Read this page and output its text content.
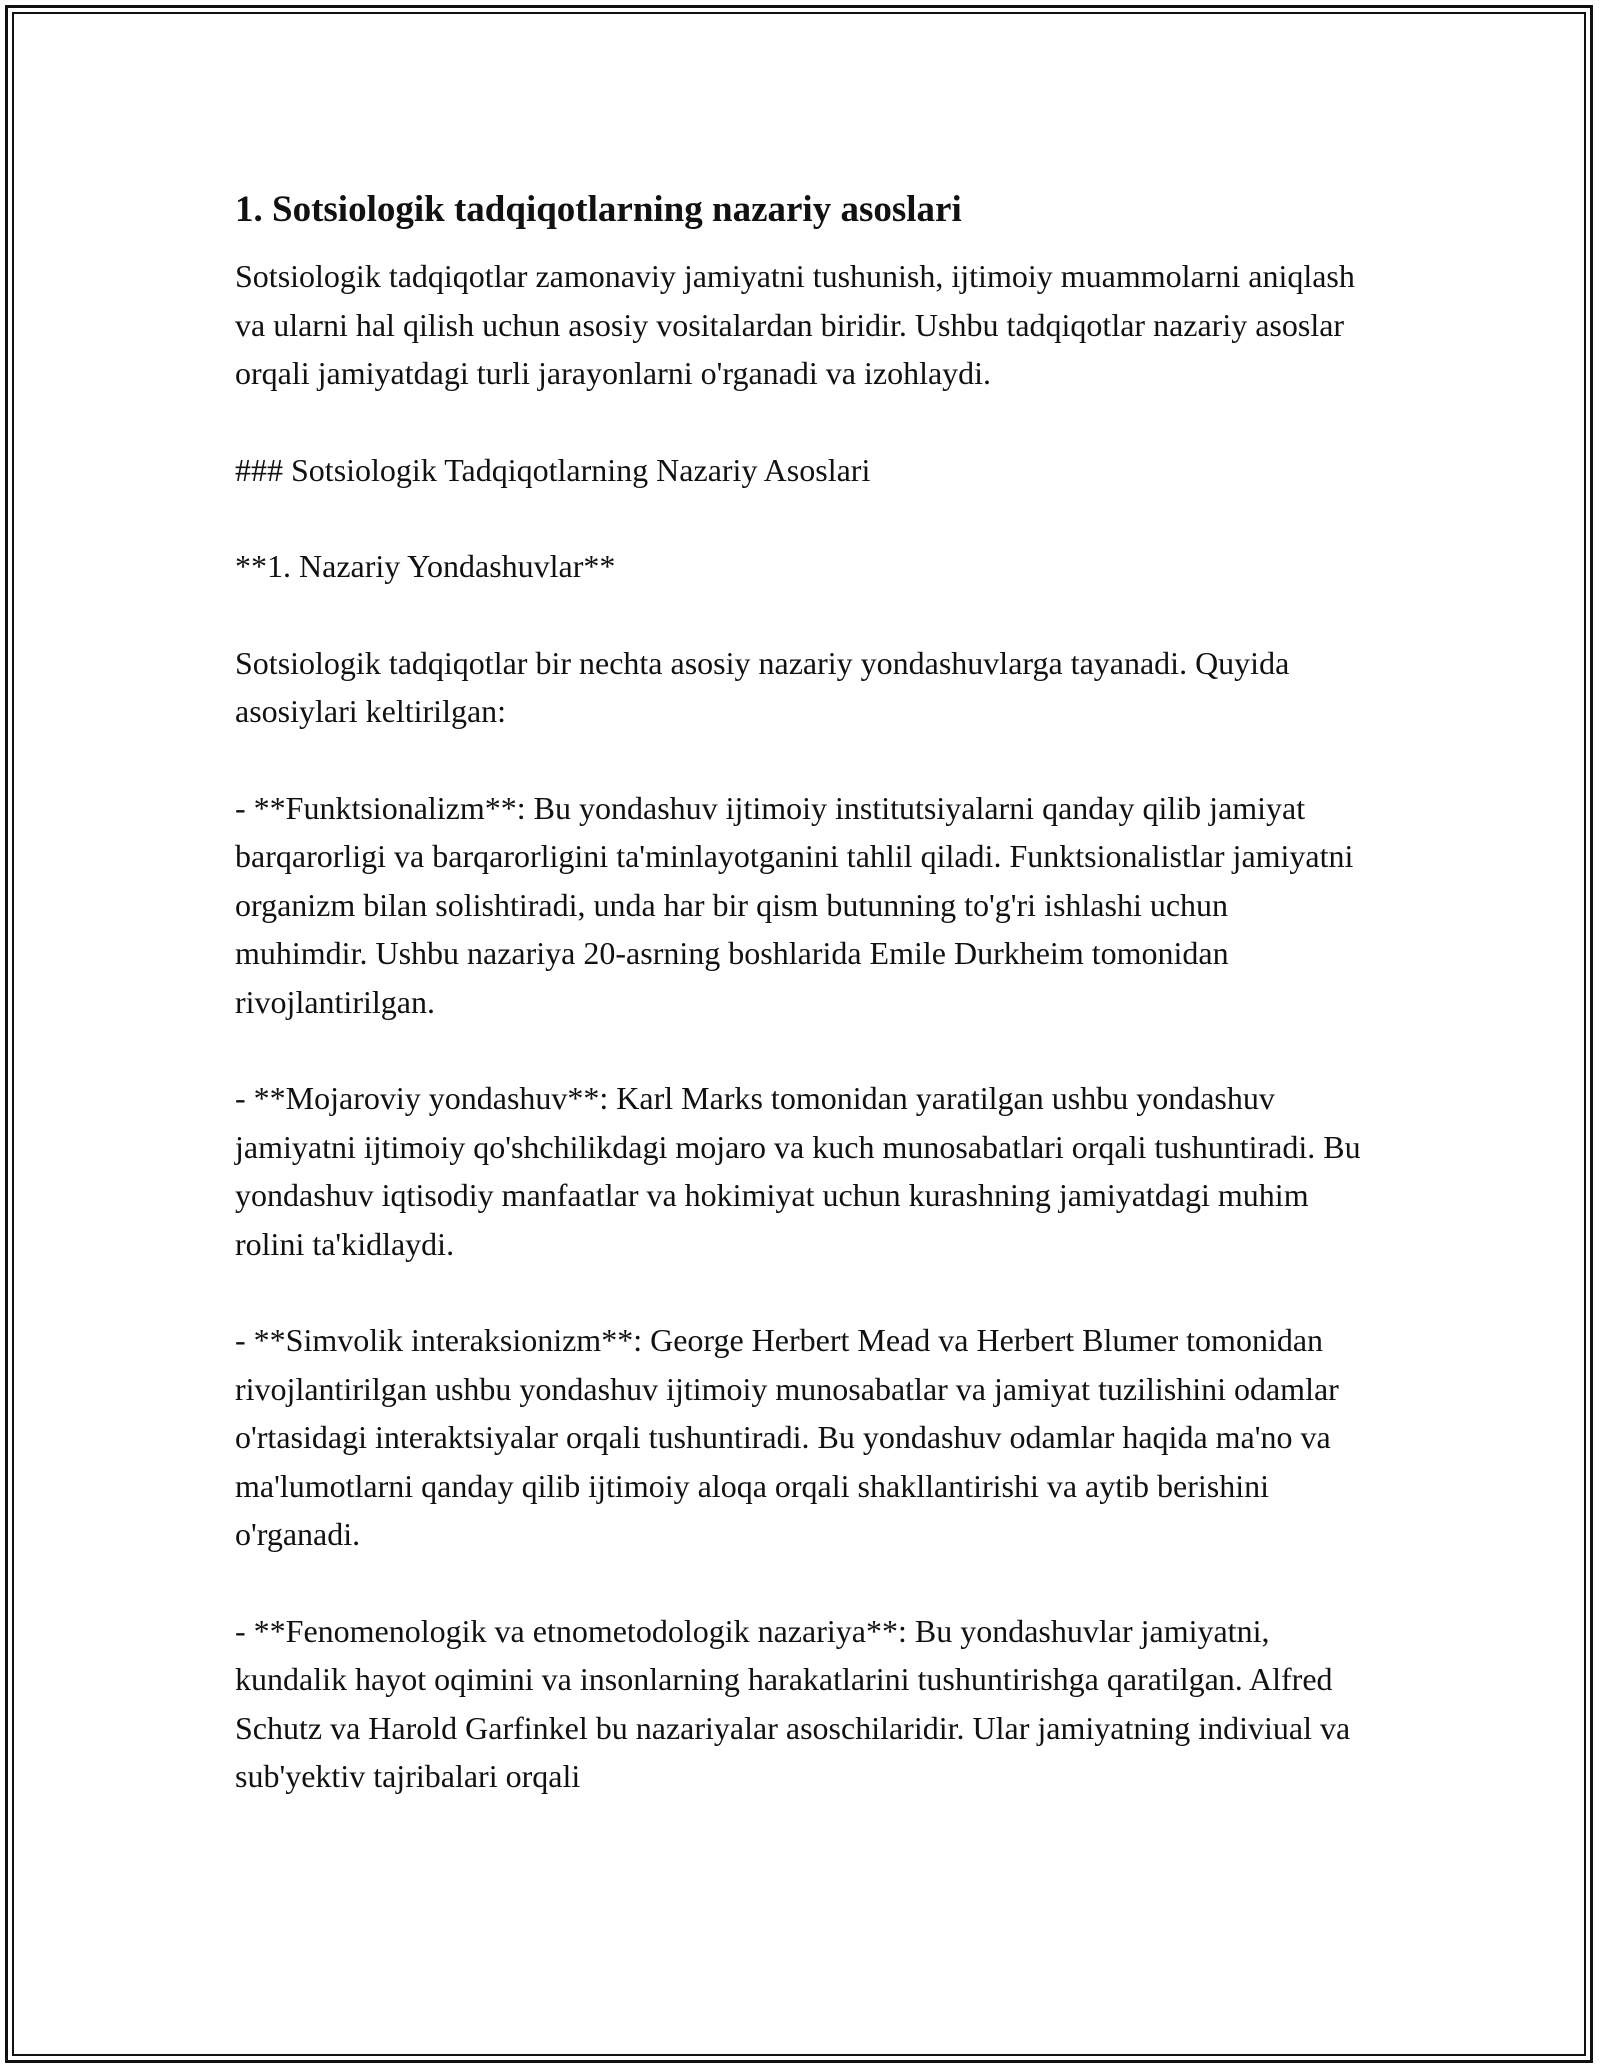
1. Sotsiologik tadqiqotlarning nazariy asoslari

Sotsiologik tadqiqotlar zamonaviy jamiyatni tushunish, ijtimoiy muammolarni aniqlash va ularni hal qilish uchun asosiy vositalardan biridir. Ushbu tadqiqotlar nazariy asoslar orqali jamiyatdagi turli jarayonlarni o'rganadi va izohlaydi.

### Sotsiologik Tadqiqotlarning Nazariy Asoslari

**1. Nazariy Yondashuvlar**

Sotsiologik tadqiqotlar bir nechta asosiy nazariy yondashuvlarga tayanadi. Quyida asosiylari keltirilgan:

- **Funktsionalizm**: Bu yondashuv ijtimoiy institutsiyalarni qanday qilib jamiyat barqarorligi va barqarorligini ta'minlayotganini tahlil qiladi. Funktsionalistlar jamiyatni organizm bilan solishtiradi, unda har bir qism butunning to'g'ri ishlashi uchun muhimdir. Ushbu nazariya 20-asrning boshlarida Emile Durkheim tomonidan rivojlantirilgan.

- **Mojaroviy yondashuv**: Karl Marks tomonidan yaratilgan ushbu yondashuv jamiyatni ijtimoiy qo'shchilikdagi mojaro va kuch munosabatlari orqali tushuntiradi. Bu yondashuv iqtisodiy manfaatlar va hokimiyat uchun kurashning jamiyatdagi muhim rolini ta'kidlaydi.

- **Simvolik interaksionizm**: George Herbert Mead va Herbert Blumer tomonidan rivojlantirilgan ushbu yondashuv ijtimoiy munosabatlar va jamiyat tuzilishini odamlar o'rtasidagi interaktsiyalar orqali tushuntiradi. Bu yondashuv odamlar haqida ma'no va ma'lumotlarni qanday qilib ijtimoiy aloqa orqali shakllantirishi va aytib berishini o'rganadi.

- **Fenomenologik va etnometodologik nazariya**: Bu yondashuvlar jamiyatni, kundalik hayot oqimini va insonlarning harakatlarini tushuntirishga qaratilgan. Alfred Schutz va Harold Garfinkel bu nazariyalar asoschilaridir. Ular jamiyatning indiviual va sub'yektiv tajribalari orqali
